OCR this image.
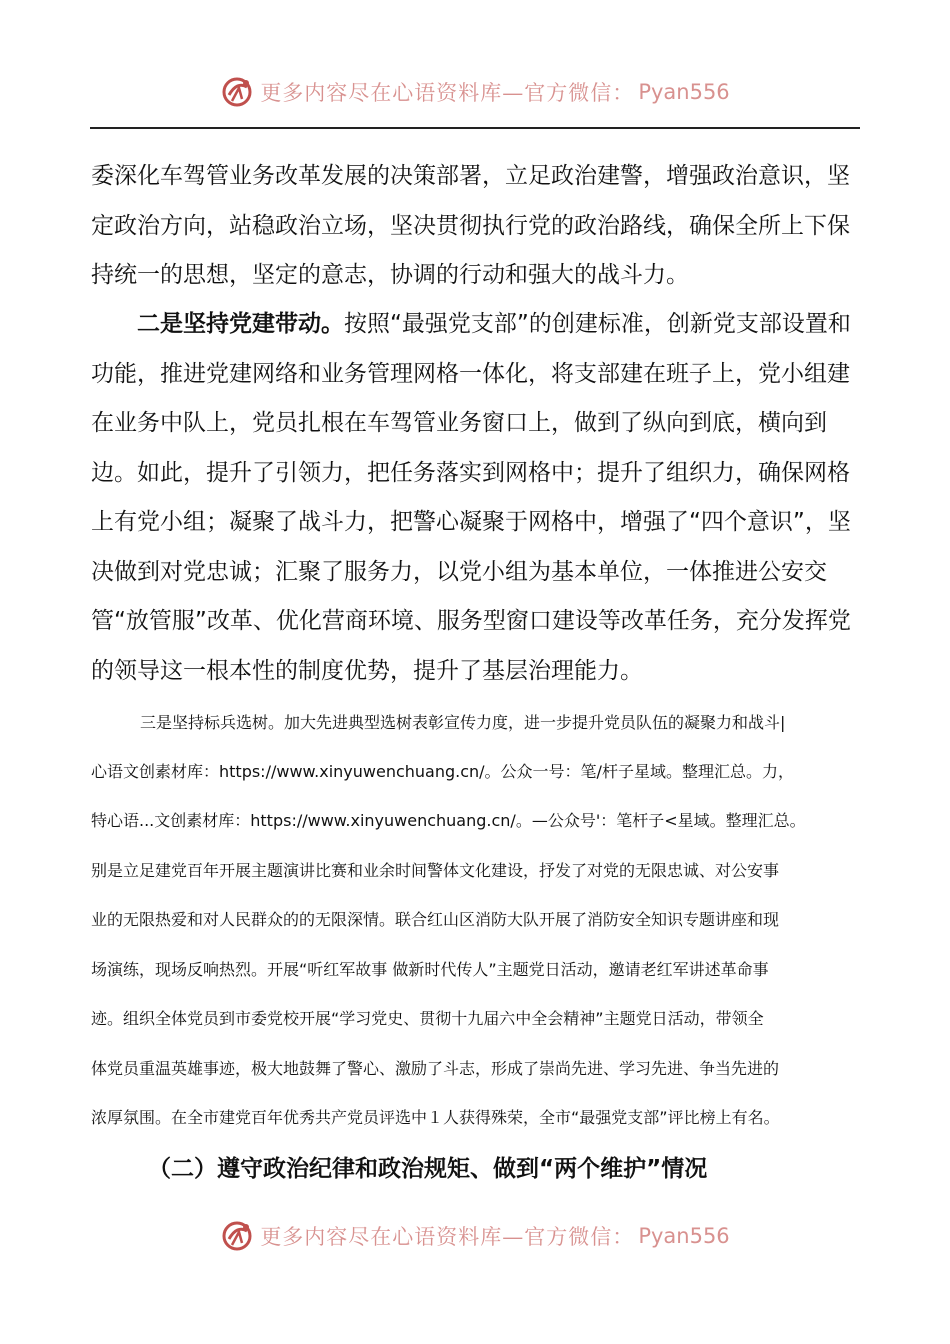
更多内容尽在心语资料库—官方微信： Pyan556

委深化车驾管业务改革发展的决策部署，立足政治建警，增强政治意识，坚定政治方向，站稳政治立场，坚决贯彻执行党的政治路线，确保全所上下保持统一的思想，坚定的意志，协调的行动和强大的战斗力。

二是坚持党建带动。按照“最强党支部”的创建标准，创新党支部设置和功能，推进党建网络和业务管理网格一体化，将支部建在班子上，党小组建在业务中队上，党员扎根在车驾管业务窗口上，做到了纵向到底，横向到边。如此，提升了引领力，把任务落实到网格中；提升了组织力，确保网格上有党小组；凝聚了战斗力，把警心凝聚于网格中，增强了“四个意识”，坚决做到对党忠诚；汇聚了服务力，以党小组为基本单位，一体推进公安交管“放管服”改革、优化营商环境、服务型窗口建设等改革任务，充分发挥党的领导这一根本性的制度优势，提升了基层治理能力。

三是坚持标兵选树。加大先进典型选树表彰宣传力度，进一步提升党员队伍的凝聚力和战斗|
心语文创素材库：https://www.xinyuwenchuang.cn/。公众一号：笔/杆子星域。整理汇总。力，
特心语...文创素材库：https://www.xinyuwenchuang.cn/。—公众号'：笔杆子<星域。整理汇总。
别是立足建党百年开展主题演讲比赛和业余时间警体文化建设，抒发了对党的无限忠诚、对公安事
业的无限热爱和对人民群众的的无限深情。联合红山区消防大队开展了消防安全知识专题讲座和现
场演练，现场反响热烈。开展“听红军故事 做新时代传人”主题党日活动，邀请老红军讲述革命事
迹。组织全体党员到市委党校开展“学习党史、贯彻十九届六中全会精神”主题党日活动，带领全
体党员重温英雄事迹，极大地鼓舞了警心、激励了斗志，形成了崇尚先进、学习先进、争当先进的
浓厚氛围。在全市建党百年优秀共产党员评选中１人获得殊荣，全市“最强党支部”评比榜上有名。
（二）遵守政治纪律和政治规矩、做到“两个维护”情况
更多内容尽在心语资料库—官方微信： Pyan556
